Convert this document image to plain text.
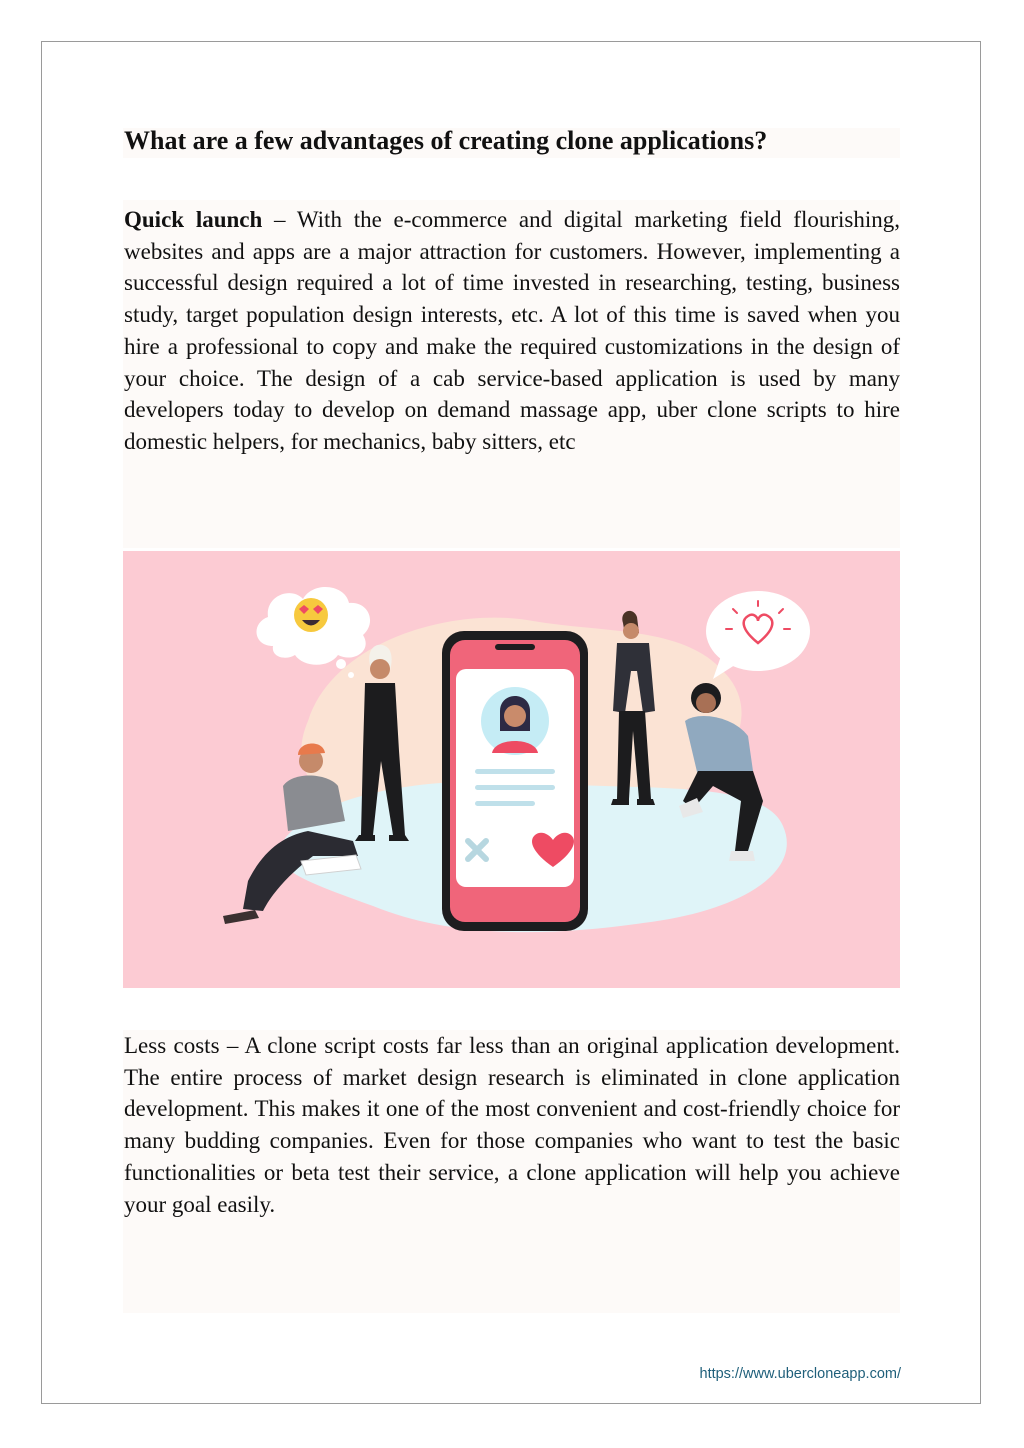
What are a few advantages of creating clone applications?

Quick launch – With the e-commerce and digital marketing field flourishing, websites and apps are a major attraction for customers. However, implementing a successful design required a lot of time invested in researching, testing, business study, target population design interests, etc. A lot of this time is saved when you hire a professional to copy and make the required customizations in the design of your choice. The design of a cab service-based application is used by many developers today to develop on demand massage app, uber clone scripts to hire domestic helpers, for mechanics, baby sitters, etc

Less costs – A clone script costs far less than an original application development. The entire process of market design research is eliminated in clone application development. This makes it one of the most convenient and cost-friendly choice for many budding companies. Even for those companies who want to test the basic functionalities or beta test their service, a clone application will help you achieve your goal easily.

https://www.ubercloneapp.com/
